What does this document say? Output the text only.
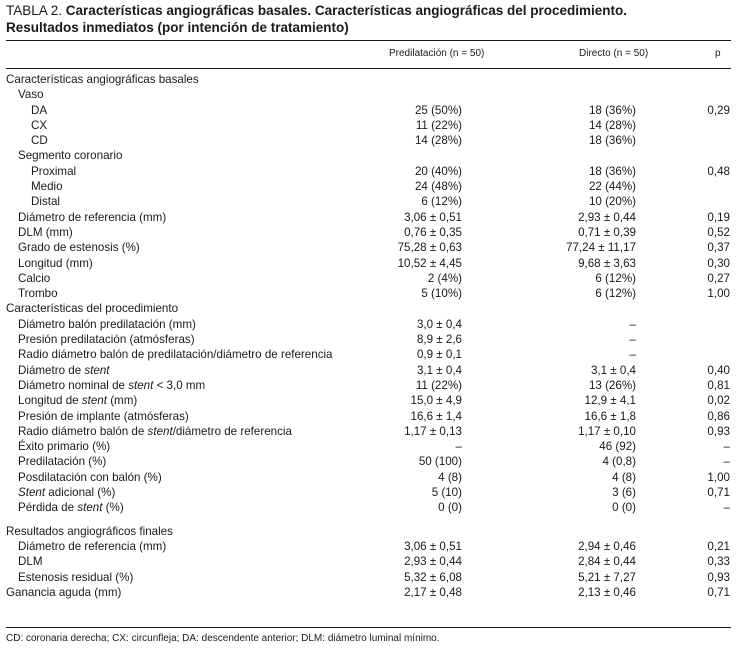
TABLA 2. Características angiográficas basales. Características angiográficas del procedimiento.
Resultados inmediatos (por intención de tratamiento)
Predilatación (n = 50)	Directo (n = 50)	p
Características angiográficas basales
Vaso
DA	25 (50%)	18 (36%)	0,29
CX	11 (22%)	14 (28%)
CD	14 (28%)	18 (36%)
Segmento coronario
Proximal	20 (40%)	18 (36%)	0,48
Medio	24 (48%)	22 (44%)
Distal	6 (12%)	10 (20%)
Diámetro de referencia (mm)	3,06 ± 0,51	2,93 ± 0,44	0,19
DLM (mm)	0,76 ± 0,35	0,71 ± 0,39	0,52
Grado de estenosis (%)	75,28 ± 0,63	77,24 ± 11,17	0,37
Longitud (mm)	10,52 ± 4,45	9,68 ± 3,63	0,30
Calcio	2 (4%)	6 (12%)	0,27
Trombo	5 (10%)	6 (12%)	1,00
Características del procedimiento
Diámetro balón predilatación (mm)	3,0 ± 0,4	–
Presión predilatación (atmósferas)	8,9 ± 2,6	–
Radio diámetro balón de predilatación/diámetro de referencia	0,9 ± 0,1	–
Diámetro de stent	3,1 ± 0,4	3,1 ± 0,4	0,40
Diámetro nominal de stent < 3,0 mm	11 (22%)	13 (26%)	0,81
Longitud de stent (mm)	15,0 ± 4,9	12,9 ± 4,1	0,02
Presión de implante (atmósferas)	16,6 ± 1,4	16,6 ± 1,8	0,86
Radio diámetro balón de stent/diámetro de referencia	1,17 ± 0,13	1,17 ± 0,10	0,93
Éxito primario (%)	–	46 (92)	–
Predilatación (%)	50 (100)	4 (0,8)	–
Posdilatación con balón (%)	4 (8)	4 (8)	1,00
Stent adicional (%)	5 (10)	3 (6)	0,71
Pérdida de stent (%)	0 (0)	0 (0)	–
Resultados angiográficos finales
Diámetro de referencia (mm)	3,06 ± 0,51	2,94 ± 0,46	0,21
DLM	2,93 ± 0,44	2,84 ± 0,44	0,33
Estenosis residual (%)	5,32 ± 6,08	5,21 ± 7,27	0,93
Ganancia aguda (mm)	2,17 ± 0,48	2,13 ± 0,46	0,71
CD: coronaria derecha; CX: circunfleja; DA: descendente anterior; DLM: diámetro luminal mínimo.
